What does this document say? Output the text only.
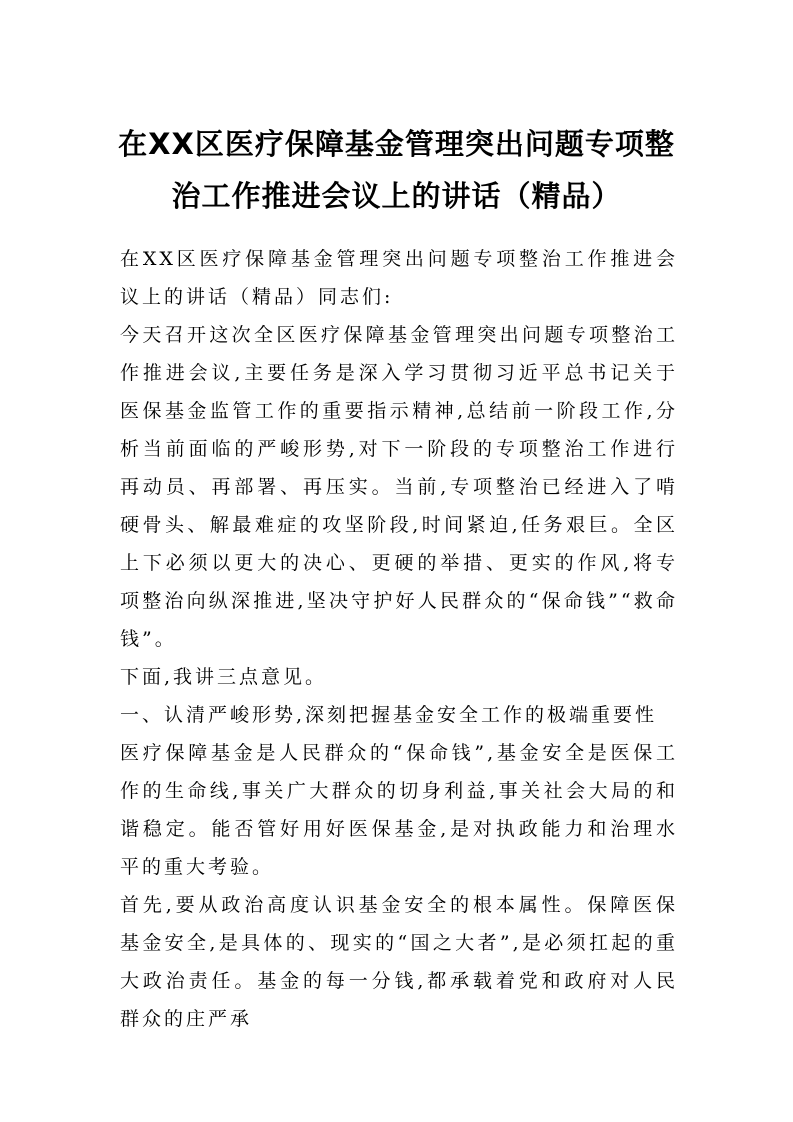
在XX区医疗保障基金管理突出问题专项整
治工作推进会议上的讲话（精品）

在XX区医疗保障基金管理突出问题专项整治工作推进会议上的讲话（精品）同志们:

今天召开这次全区医疗保障基金管理突出问题专项整治工作推进会议,主要任务是深入学习贯彻习近平总书记关于医保基金监管工作的重要指示精神,总结前一阶段工作,分析当前面临的严峻形势,对下一阶段的专项整治工作进行再动员、再部署、再压实。当前,专项整治已经进入了啃硬骨头、解最难症的攻坚阶段,时间紧迫,任务艰巨。全区上下必须以更大的决心、更硬的举措、更实的作风,将专项整治向纵深推进,坚决守护好人民群众的“保命钱”“救命钱”。

下面,我讲三点意见。

一、认清严峻形势,深刻把握基金安全工作的极端重要性

医疗保障基金是人民群众的“保命钱”,基金安全是医保工作的生命线,事关广大群众的切身利益,事关社会大局的和谐稳定。能否管好用好医保基金,是对执政能力和治理水平的重大考验。

首先,要从政治高度认识基金安全的根本属性。保障医保基金安全,是具体的、现实的“国之大者”,是必须扛起的重大政治责任。基金的每一分钱,都承载着党和政府对人民群众的庄严承
